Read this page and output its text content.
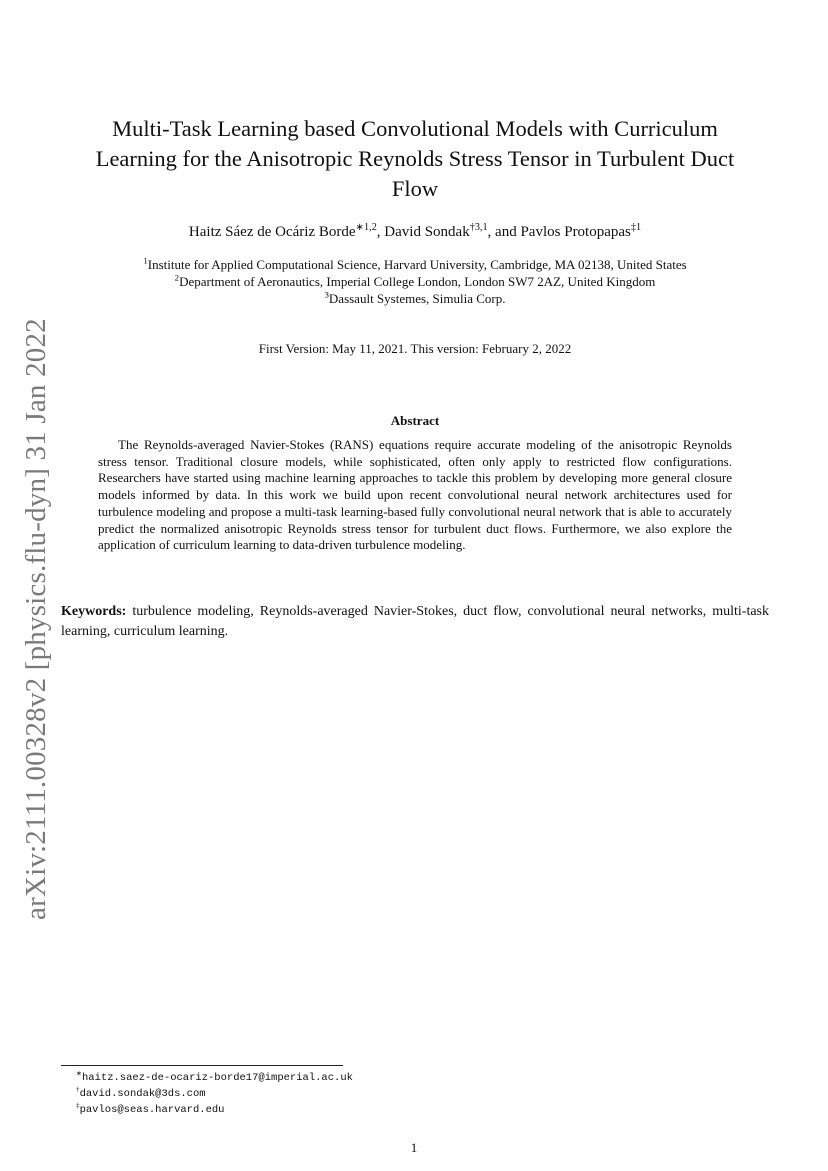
arXiv:2111.00328v2 [physics.flu-dyn] 31 Jan 2022
Multi-Task Learning based Convolutional Models with Curriculum
Learning for the Anisotropic Reynolds Stress Tensor in Turbulent Duct
Flow
Haitz Sáez de Ocáriz Borde$^{∗1,2}$, David Sondak$^{\dagger 3,1}$, and Pavlos Protopapas$^{\ddagger 1}$
$^1$Institute for Applied Computational Science, Harvard University, Cambridge, MA 02138, United States
$^2$Department of Aeronautics, Imperial College London, London SW7 2AZ, United Kingdom
$^3$Dassault Systemes, Simulia Corp.
First Version: May 11, 2021. This version: February 2, 2022
Abstract
The Reynolds-averaged Navier-Stokes (RANS) equations require accurate modeling of the anisotropic Reynolds stress tensor. Traditional closure models, while sophisticated, often only apply to restricted flow configurations. Researchers have started using machine learning approaches to tackle this problem by developing more general closure models informed by data. In this work we build upon recent convolutional neural network architectures used for turbulence modeling and propose a multi-task learning-based fully convolutional neural network that is able to accurately predict the normalized anisotropic Reynolds stress tensor for turbulent duct flows. Furthermore, we also explore the application of curriculum learning to data-driven turbulence modeling.
Keywords: turbulence modeling, Reynolds-averaged Navier-Stokes, duct flow, convolutional neural networks, multi-task learning, curriculum learning.
∗haitz.saez-de-ocariz-borde17@imperial.ac.uk
†david.sondak@3ds.com
‡pavlos@seas.harvard.edu
1
